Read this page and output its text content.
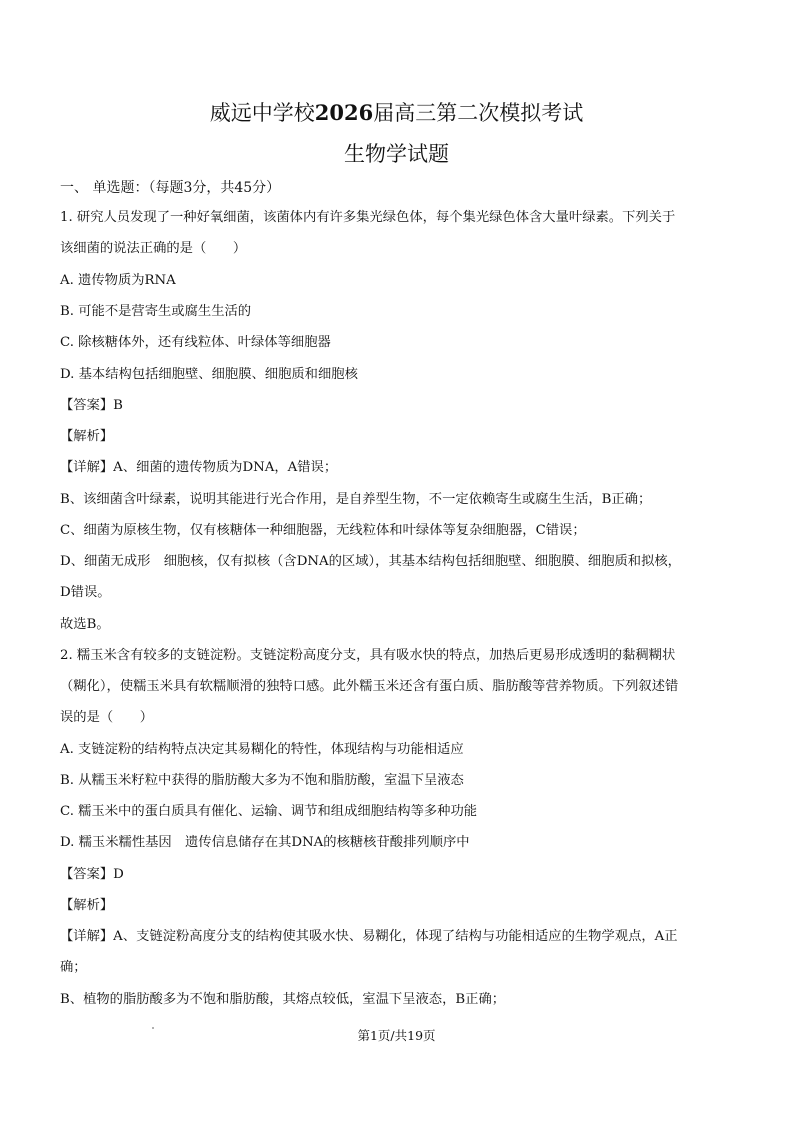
威远中学校2026届高三第二次模拟考试
生物学试题
一、 单选题：（每题3分，共45分）
1. 研究人员发现了一种好氧细菌，该菌体内有许多集光绿色体，每个集光绿色体含大量叶绿素。下列关于
该细菌的说法正确的是（　　）
A. 遗传物质为RNA
B. 可能不是营寄生或腐生生活的
C. 除核糖体外，还有线粒体、叶绿体等细胞器
D. 基本结构包括细胞壁、细胞膜、细胞质和细胞核
【答案】B
【解析】
【详解】A、细菌的遗传物质为DNA，A错误；
B、该细菌含叶绿素，说明其能进行光合作用，是自养型生物，不一定依赖寄生或腐生生活，B正确；
C、细菌为原核生物，仅有核糖体一种细胞器，无线粒体和叶绿体等复杂细胞器，C错误；
D、细菌无成形　细胞核，仅有拟核（含DNA的区域），其基本结构包括细胞壁、细胞膜、细胞质和拟核，
D错误。
故选B。
2. 糯玉米含有较多的支链淀粉。支链淀粉高度分支，具有吸水快的特点，加热后更易形成透明的黏稠糊状
（糊化），使糯玉米具有软糯顺滑的独特口感。此外糯玉米还含有蛋白质、脂肪酸等营养物质。下列叙述错
误的是（　　）
A. 支链淀粉的结构特点决定其易糊化的特性，体现结构与功能相适应
B. 从糯玉米籽粒中获得的脂肪酸大多为不饱和脂肪酸，室温下呈液态
C. 糯玉米中的蛋白质具有催化、运输、调节和组成细胞结构等多种功能
D. 糯玉米糯性基因　遗传信息储存在其DNA的核糖核苷酸排列顺序中
【答案】D
【解析】
【详解】A、支链淀粉高度分支的结构使其吸水快、易糊化，体现了结构与功能相适应的生物学观点，A正
确；
B、植物的脂肪酸多为不饱和脂肪酸，其熔点较低，室温下呈液态，B正确；
第1页/共19页
